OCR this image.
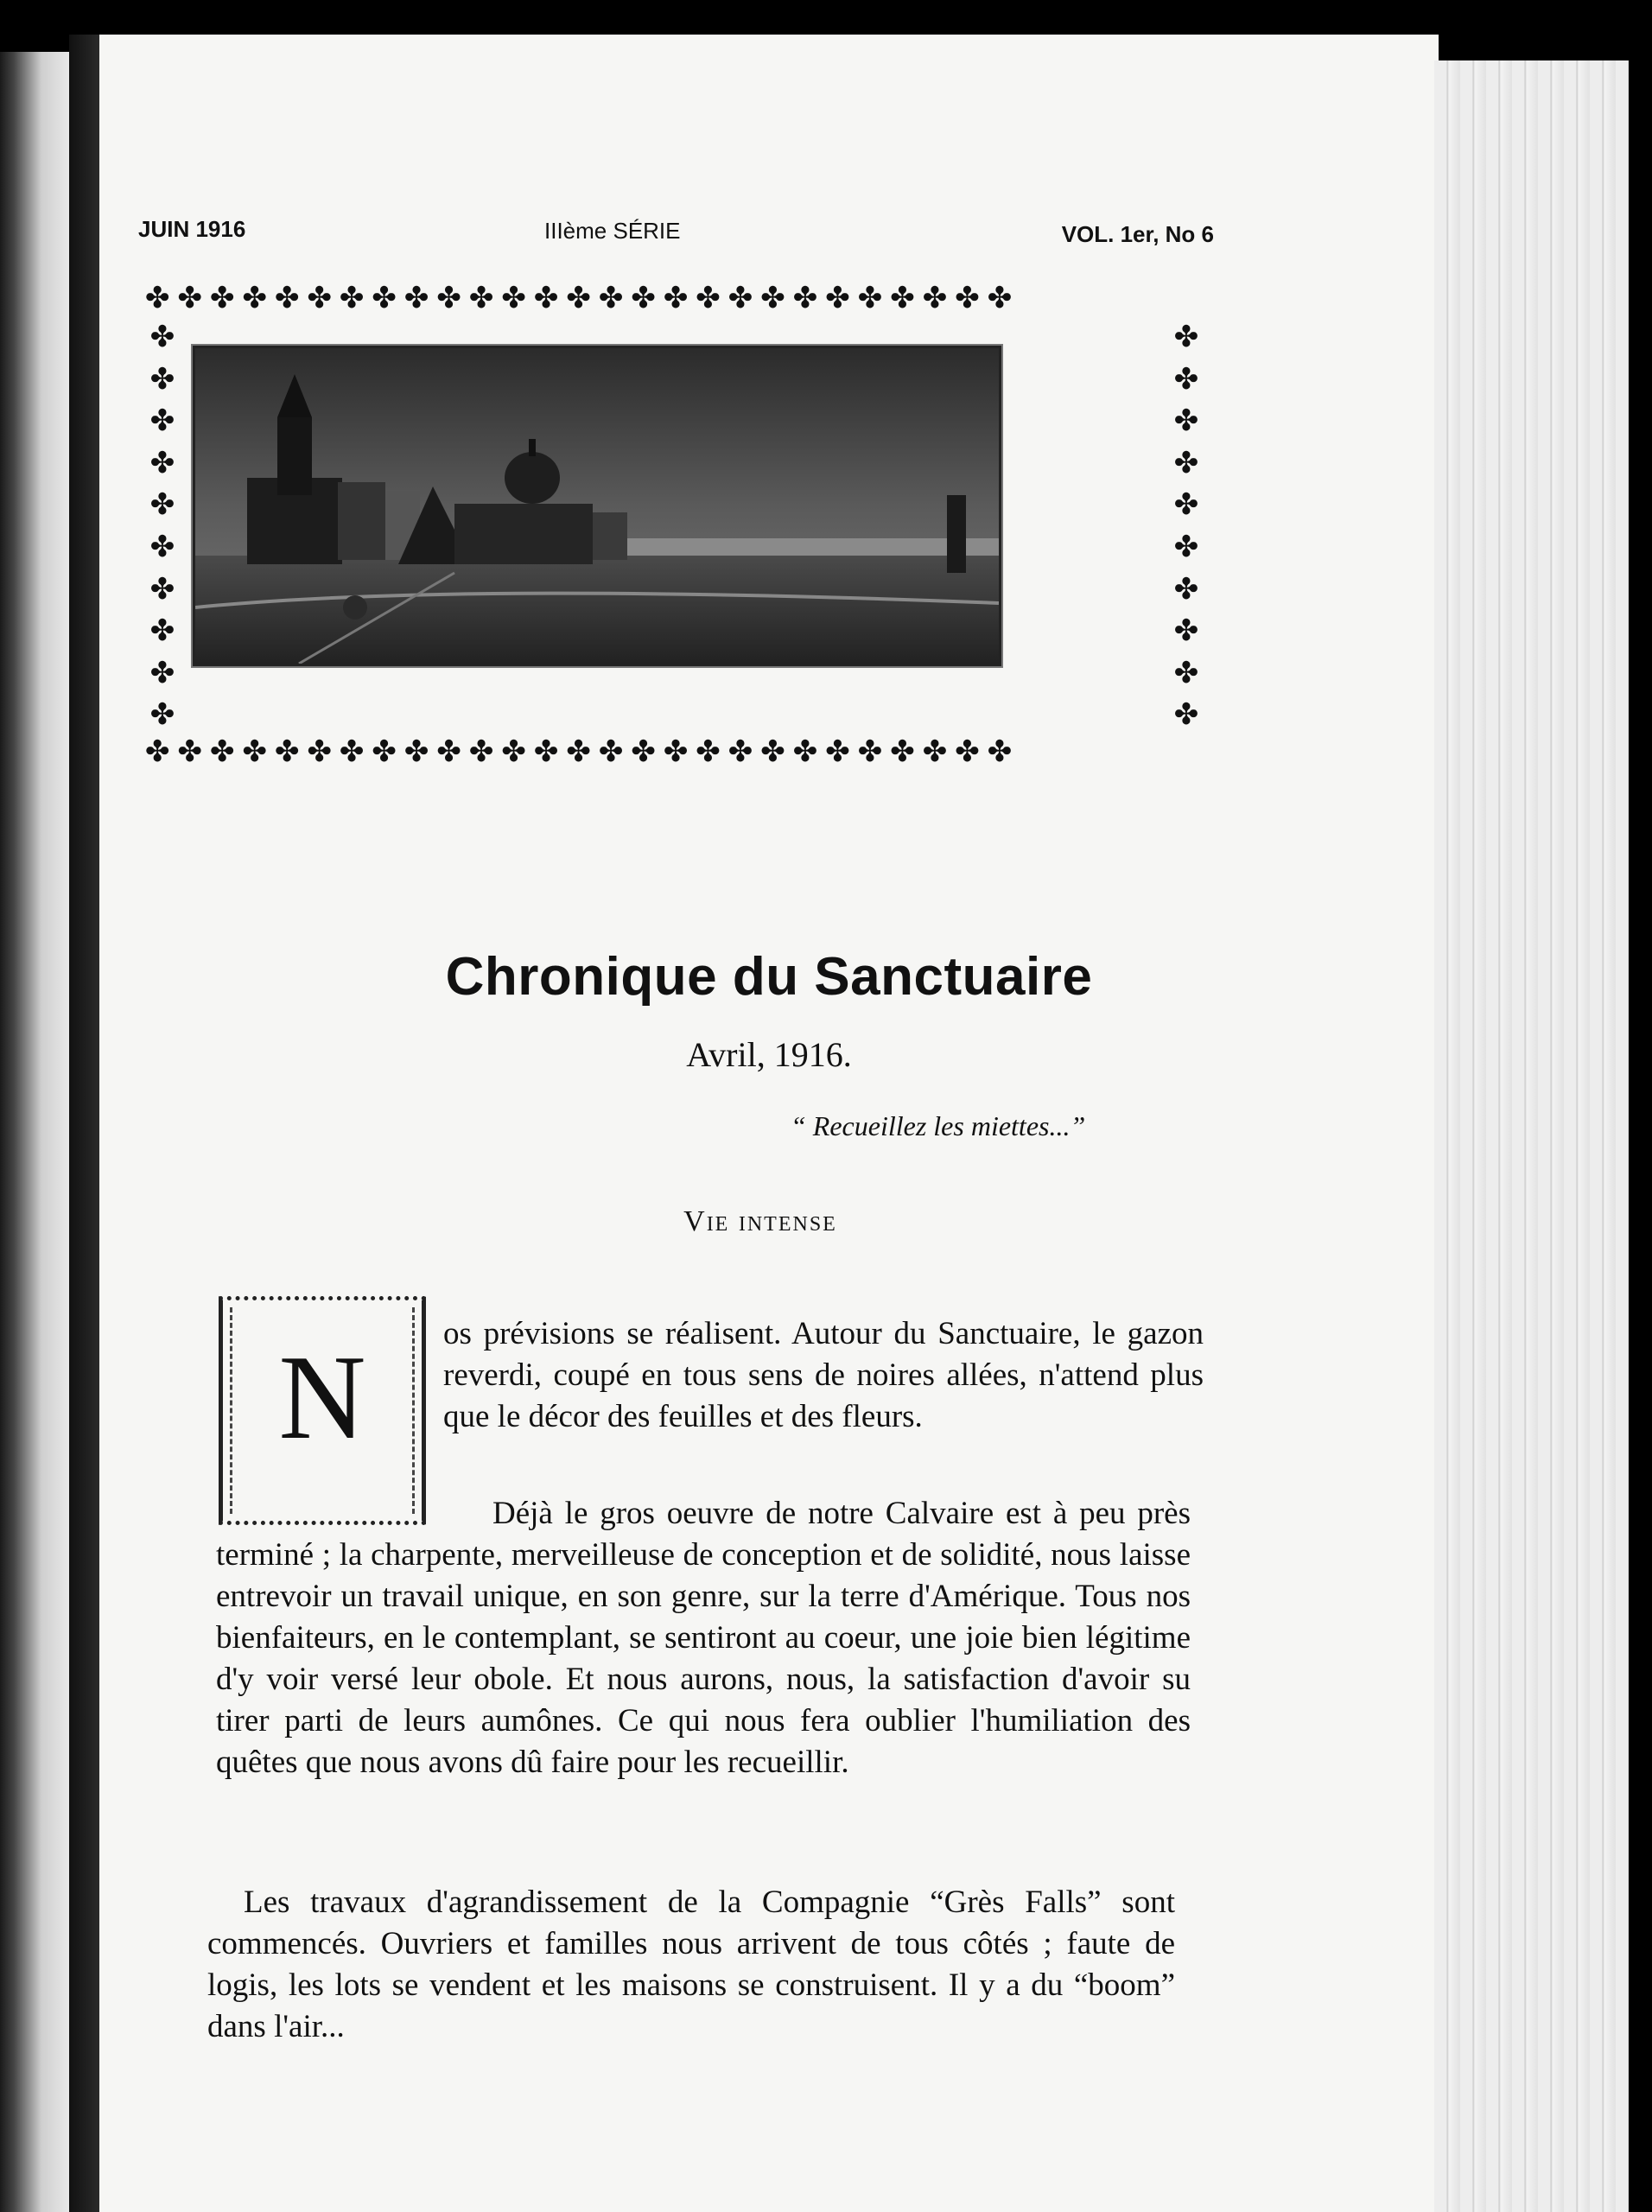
JUIN 1916	IIIème SÉRIE	VOL. 1er, No 6
✤✤✤✤✤✤✤✤✤✤✤✤✤✤✤✤✤✤✤✤✤✤✤✤✤✤✤
✤✤✤✤✤✤✤✤✤✤✤✤✤✤✤✤✤✤✤✤✤✤✤✤✤✤✤
✤
✤
✤
✤
✤
✤
✤
✤
✤
✤
✤
✤
✤
✤
✤
✤
✤
✤
✤
✤
Chronique du Sanctuaire
Avril, 1916.
“ Recueillez les miettes...”
Vie intense
N	os prévisions se réalisent. Autour du Sanctuaire, le gazon reverdi, coupé en tous sens de noires allées, n'attend plus que le décor des feuilles et des fleurs.

Déjà le gros oeuvre de notre Calvaire est à peu près terminé ; la charpente, merveilleuse de conception et de solidité, nous laisse entrevoir un travail unique, en son genre, sur la terre d'Amérique. Tous nos bienfaiteurs, en le contemplant, se sentiront au coeur, une joie bien légitime d'y voir versé leur obole. Et nous aurons, nous, la satisfaction d'avoir su tirer parti de leurs aumônes. Ce qui nous fera oublier l'humiliation des quêtes que nous avons dû faire pour les recueillir.

Les travaux d'agrandissement de la Compagnie “Grès Falls” sont commencés. Ouvriers et familles nous arrivent de tous côtés ; faute de logis, les lots se vendent et les maisons se construisent. Il y a du “boom” dans l'air...
